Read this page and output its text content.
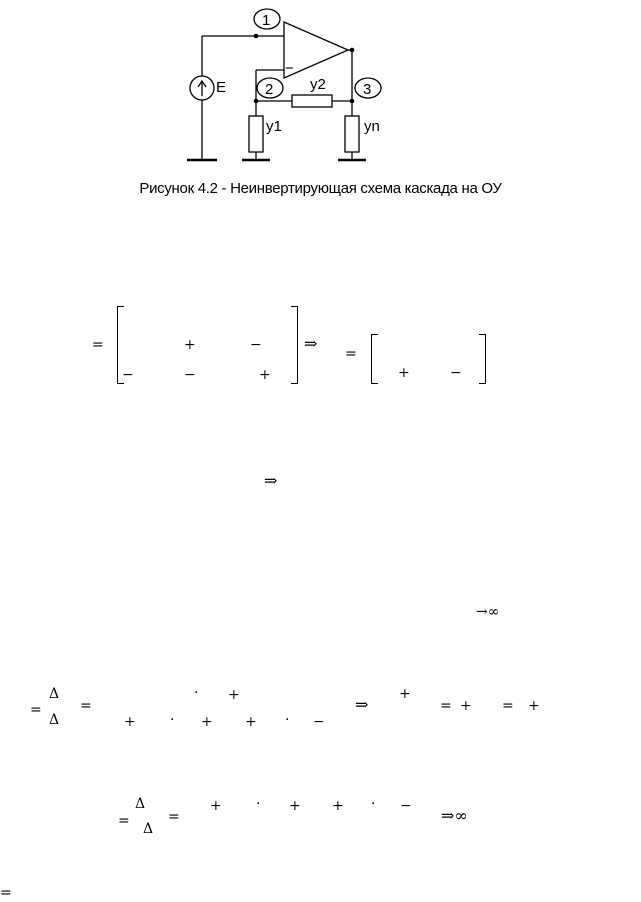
1
2	3
E	y2
y1	yn
−
Рисунок 4.2 - Неинвертирующая схема каскада на ОУ
=	+	−
−	−	+
⇒
=
+	−
⇒
→∞
=
Δ
Δ
=
· +
+ · + + · −
⇒
+
= + = +
=
Δ
Δ
=
+ · + + · − ⇒∞
=
